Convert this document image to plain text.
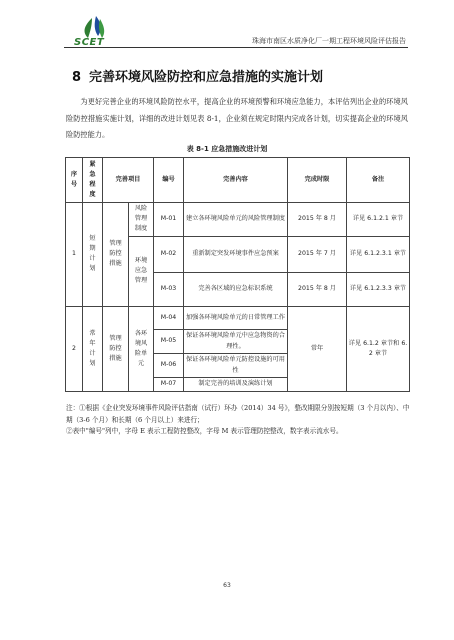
SCET	珠海市南区水质净化厂一期工程环境风险评估报告
8 完善环境风险防控和应急措施的实施计划
为更好完善企业的环境风险防控水平，提高企业的环境预警和环境应急能力，本评估列出企业的环境风险防控措施实施计划，详细的改进计划见表 8-1，企业须在规定时限内完成各计划，切实提高企业的环境风险防控能力。
表 8-1 应急措施改进计划
序号	紧急程度	完善项目		编号	完善内容	完成时限	备注
1	短期计划	管理防控措施	风险管理制度	M-01	建立各环境风险单元的风险管理制度	2015 年 8 月	详见 6.1.2.1 章节
			环境应急管理	M-02	重新制定突发环境事件应急预案	2015 年 7 月	详见 6.1.2.3.1 章节
				M-03	完善各区域的应急标识系统	2015 年 8 月	详见 6.1.2.3.3 章节
2	常年计划	管理防控措施	各环境风险单元	M-04	加强各环境风险单元的日常管理工作	常年	详见 6.1.2 章节和 6.2 章节
				M-05	保证各环境风险单元中应急物资的合理性。		
				M-06	保证各环境风险单元防控设施的可用性		
				M-07	制定完善的培训及演练计划		
注：①根据《企业突发环境事件风险评估指南（试行）环办（2014）34 号》，整改期限分别按短期（3 个月以内）、中期（3-6 个月）和长期（6 个月以上）来进行；
②表中"编号"列中，字母 E 表示工程防控整改，字母 M 表示管理防控整改，数字表示流水号。
63
